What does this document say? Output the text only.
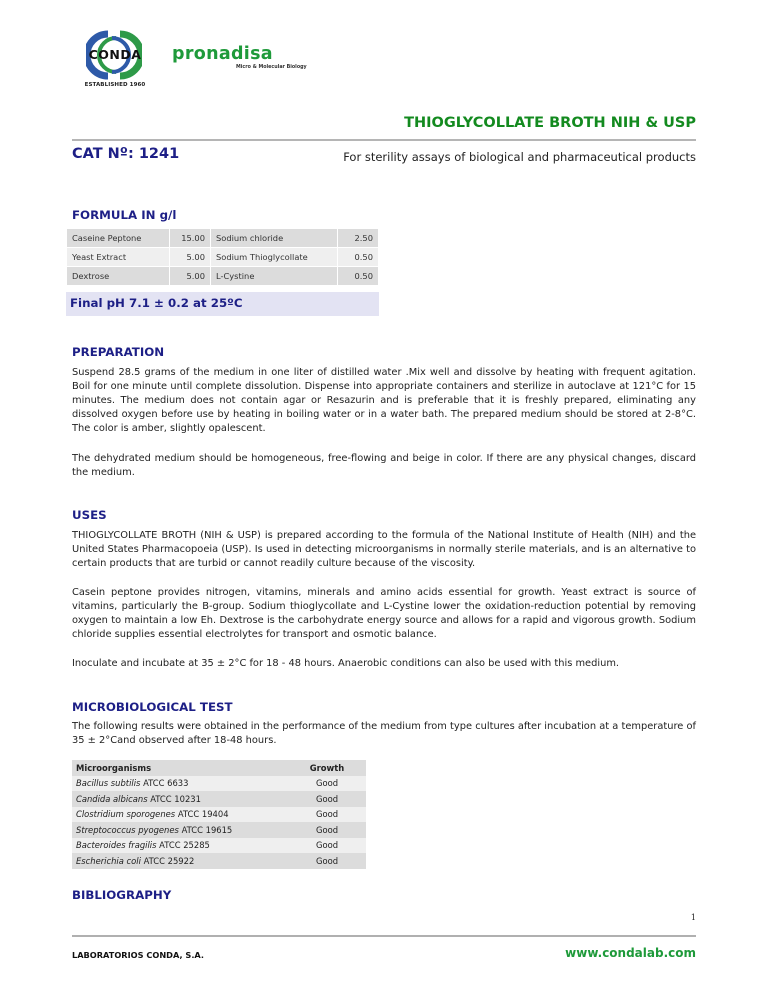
CONDA
ESTABLISHED 1960
pronadisa
Micro & Molecular Biology
THIOGLYCOLLATE BROTH NIH & USP
CAT Nº: 1241	For sterility assays of biological and pharmaceutical products
FORMULA IN g/l
Caseine Peptone	15.00	Sodium chloride	2.50
Yeast Extract	5.00	Sodium Thioglycollate	0.50
Dextrose	5.00	L-Cystine	0.50
Final pH 7.1 ± 0.2 at 25ºC
PREPARATION
Suspend 28.5 grams of the medium in one liter of distilled water .Mix well and dissolve by heating with frequent agitation. Boil for one minute until complete dissolution. Dispense into appropriate containers and sterilize in autoclave at 121°C for 15 minutes. The medium does not contain agar or Resazurin and is preferable that it is freshly prepared, eliminating any dissolved oxygen before use by heating in boiling water or in a water bath. The prepared medium should be stored at 2-8°C. The color is amber, slightly opalescent.
The dehydrated medium should be homogeneous, free-flowing and beige in color. If there are any physical changes, discard the medium.
USES
THIOGLYCOLLATE BROTH (NIH & USP) is prepared according to the formula of the National Institute of Health (NIH) and the United States Pharmacopoeia (USP). Is used in detecting microorganisms in normally sterile materials, and is an alternative to certain products that are turbid or cannot readily culture because of the viscosity.
Casein peptone provides nitrogen, vitamins, minerals and amino acids essential for growth. Yeast extract is source of vitamins, particularly the B-group. Sodium thioglycollate and L-Cystine lower the oxidation-reduction potential by removing oxygen to maintain a low Eh. Dextrose is the carbohydrate energy source and allows for a rapid and vigorous growth. Sodium chloride supplies essential electrolytes for transport and osmotic balance.
Inoculate and incubate at 35 ± 2°C for 18 - 48 hours. Anaerobic conditions can also be used with this medium.
MICROBIOLOGICAL TEST
The following results were obtained in the performance of the medium from type cultures after incubation at a temperature of 35 ± 2°Cand observed after 18-48 hours.
Microorganisms	Growth
Bacillus subtilis ATCC 6633	Good
Candida albicans ATCC 10231	Good
Clostridium sporogenes ATCC 19404	Good
Streptococcus pyogenes ATCC 19615	Good
Bacteroides fragilis ATCC 25285	Good
Escherichia coli ATCC 25922	Good
BIBLIOGRAPHY
1
LABORATORIOS CONDA, S.A.	www.condalab.com
